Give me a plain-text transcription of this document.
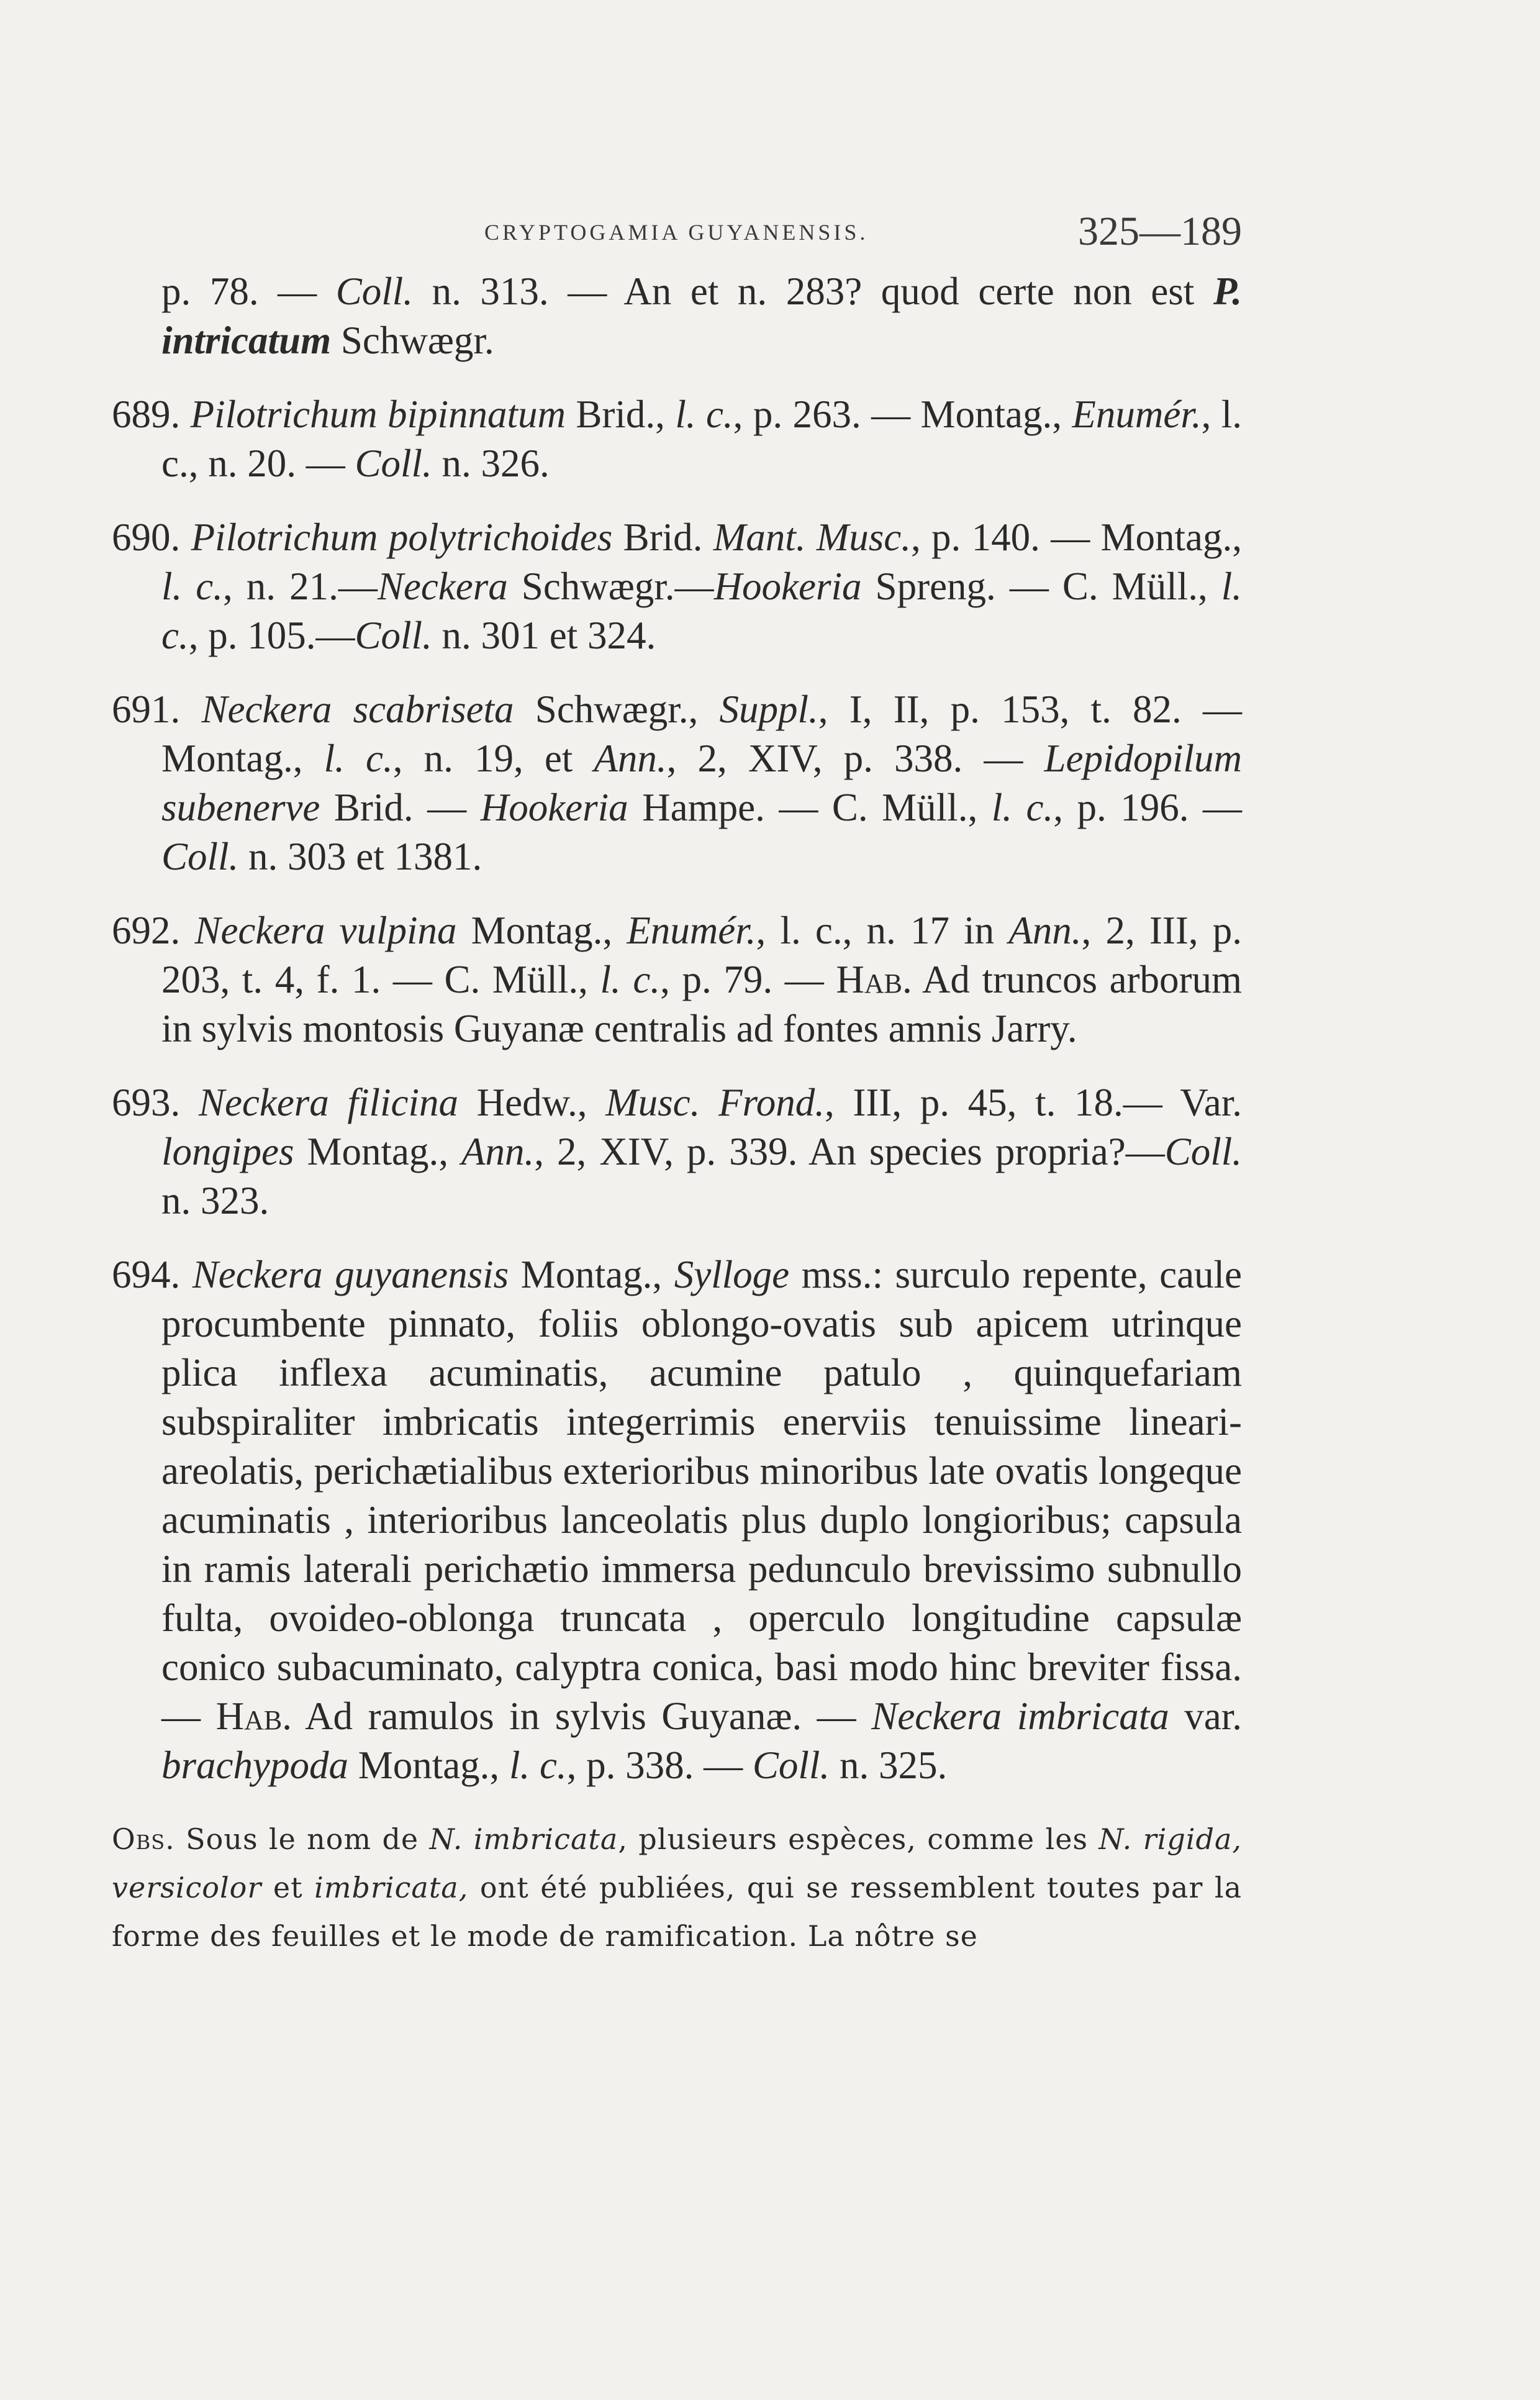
CRYPTOGAMIA GUYANENSIS.	325—189

p. 78. — Coll. n. 313. — An et n. 283? quod certe non est P. intricatum Schwægr.

689. Pilotrichum bipinnatum Brid., l. c., p. 263. — Montag., Enumér., l. c., n. 20. — Coll. n. 326.

690. Pilotrichum polytrichoides Brid. Mant. Musc., p. 140. — Montag., l. c., n. 21.—Neckera Schwægr.—Hookeria Spreng. — C. Müll., l. c., p. 105.—Coll. n. 301 et 324.

691. Neckera scabriseta Schwægr., Suppl., I, II, p. 153, t. 82. — Montag., l. c., n. 19, et Ann., 2, XIV, p. 338. — Lepidopilum subenerve Brid. — Hookeria Hampe. — C. Müll., l. c., p. 196. — Coll. n. 303 et 1381.

692. Neckera vulpina Montag., Enumér., l. c., n. 17 in Ann., 2, III, p. 203, t. 4, f. 1. — C. Müll., l. c., p. 79. — Hab. Ad truncos arborum in sylvis montosis Guyanæ centralis ad fontes amnis Jarry.

693. Neckera filicina Hedw., Musc. Frond., III, p. 45, t. 18.— Var. longipes Montag., Ann., 2, XIV, p. 339. An species propria?—Coll. n. 323.

694. Neckera guyanensis Montag., Sylloge mss.: surculo repente, caule procumbente pinnato, foliis oblongo-ovatis sub apicem utrinque plica inflexa acuminatis, acumine patulo , quinquefariam subspiraliter imbricatis integerrimis enerviis tenuissime lineari-areolatis, perichætialibus exterioribus minoribus late ovatis longeque acuminatis , interioribus lanceolatis plus duplo longioribus; capsula in ramis laterali perichætio immersa pedunculo brevissimo subnullo fulta, ovoideo-oblonga truncata , operculo longitudine capsulæ conico subacuminato, calyptra conica, basi modo hinc breviter fissa.— Hab. Ad ramulos in sylvis Guyanæ. — Neckera imbricata var. brachypoda Montag., l. c., p. 338. — Coll. n. 325.

Obs. Sous le nom de N. imbricata, plusieurs espèces, comme les N. rigida, versicolor et imbricata, ont été publiées, qui se ressemblent toutes par la forme des feuilles et le mode de ramification. La nôtre se
